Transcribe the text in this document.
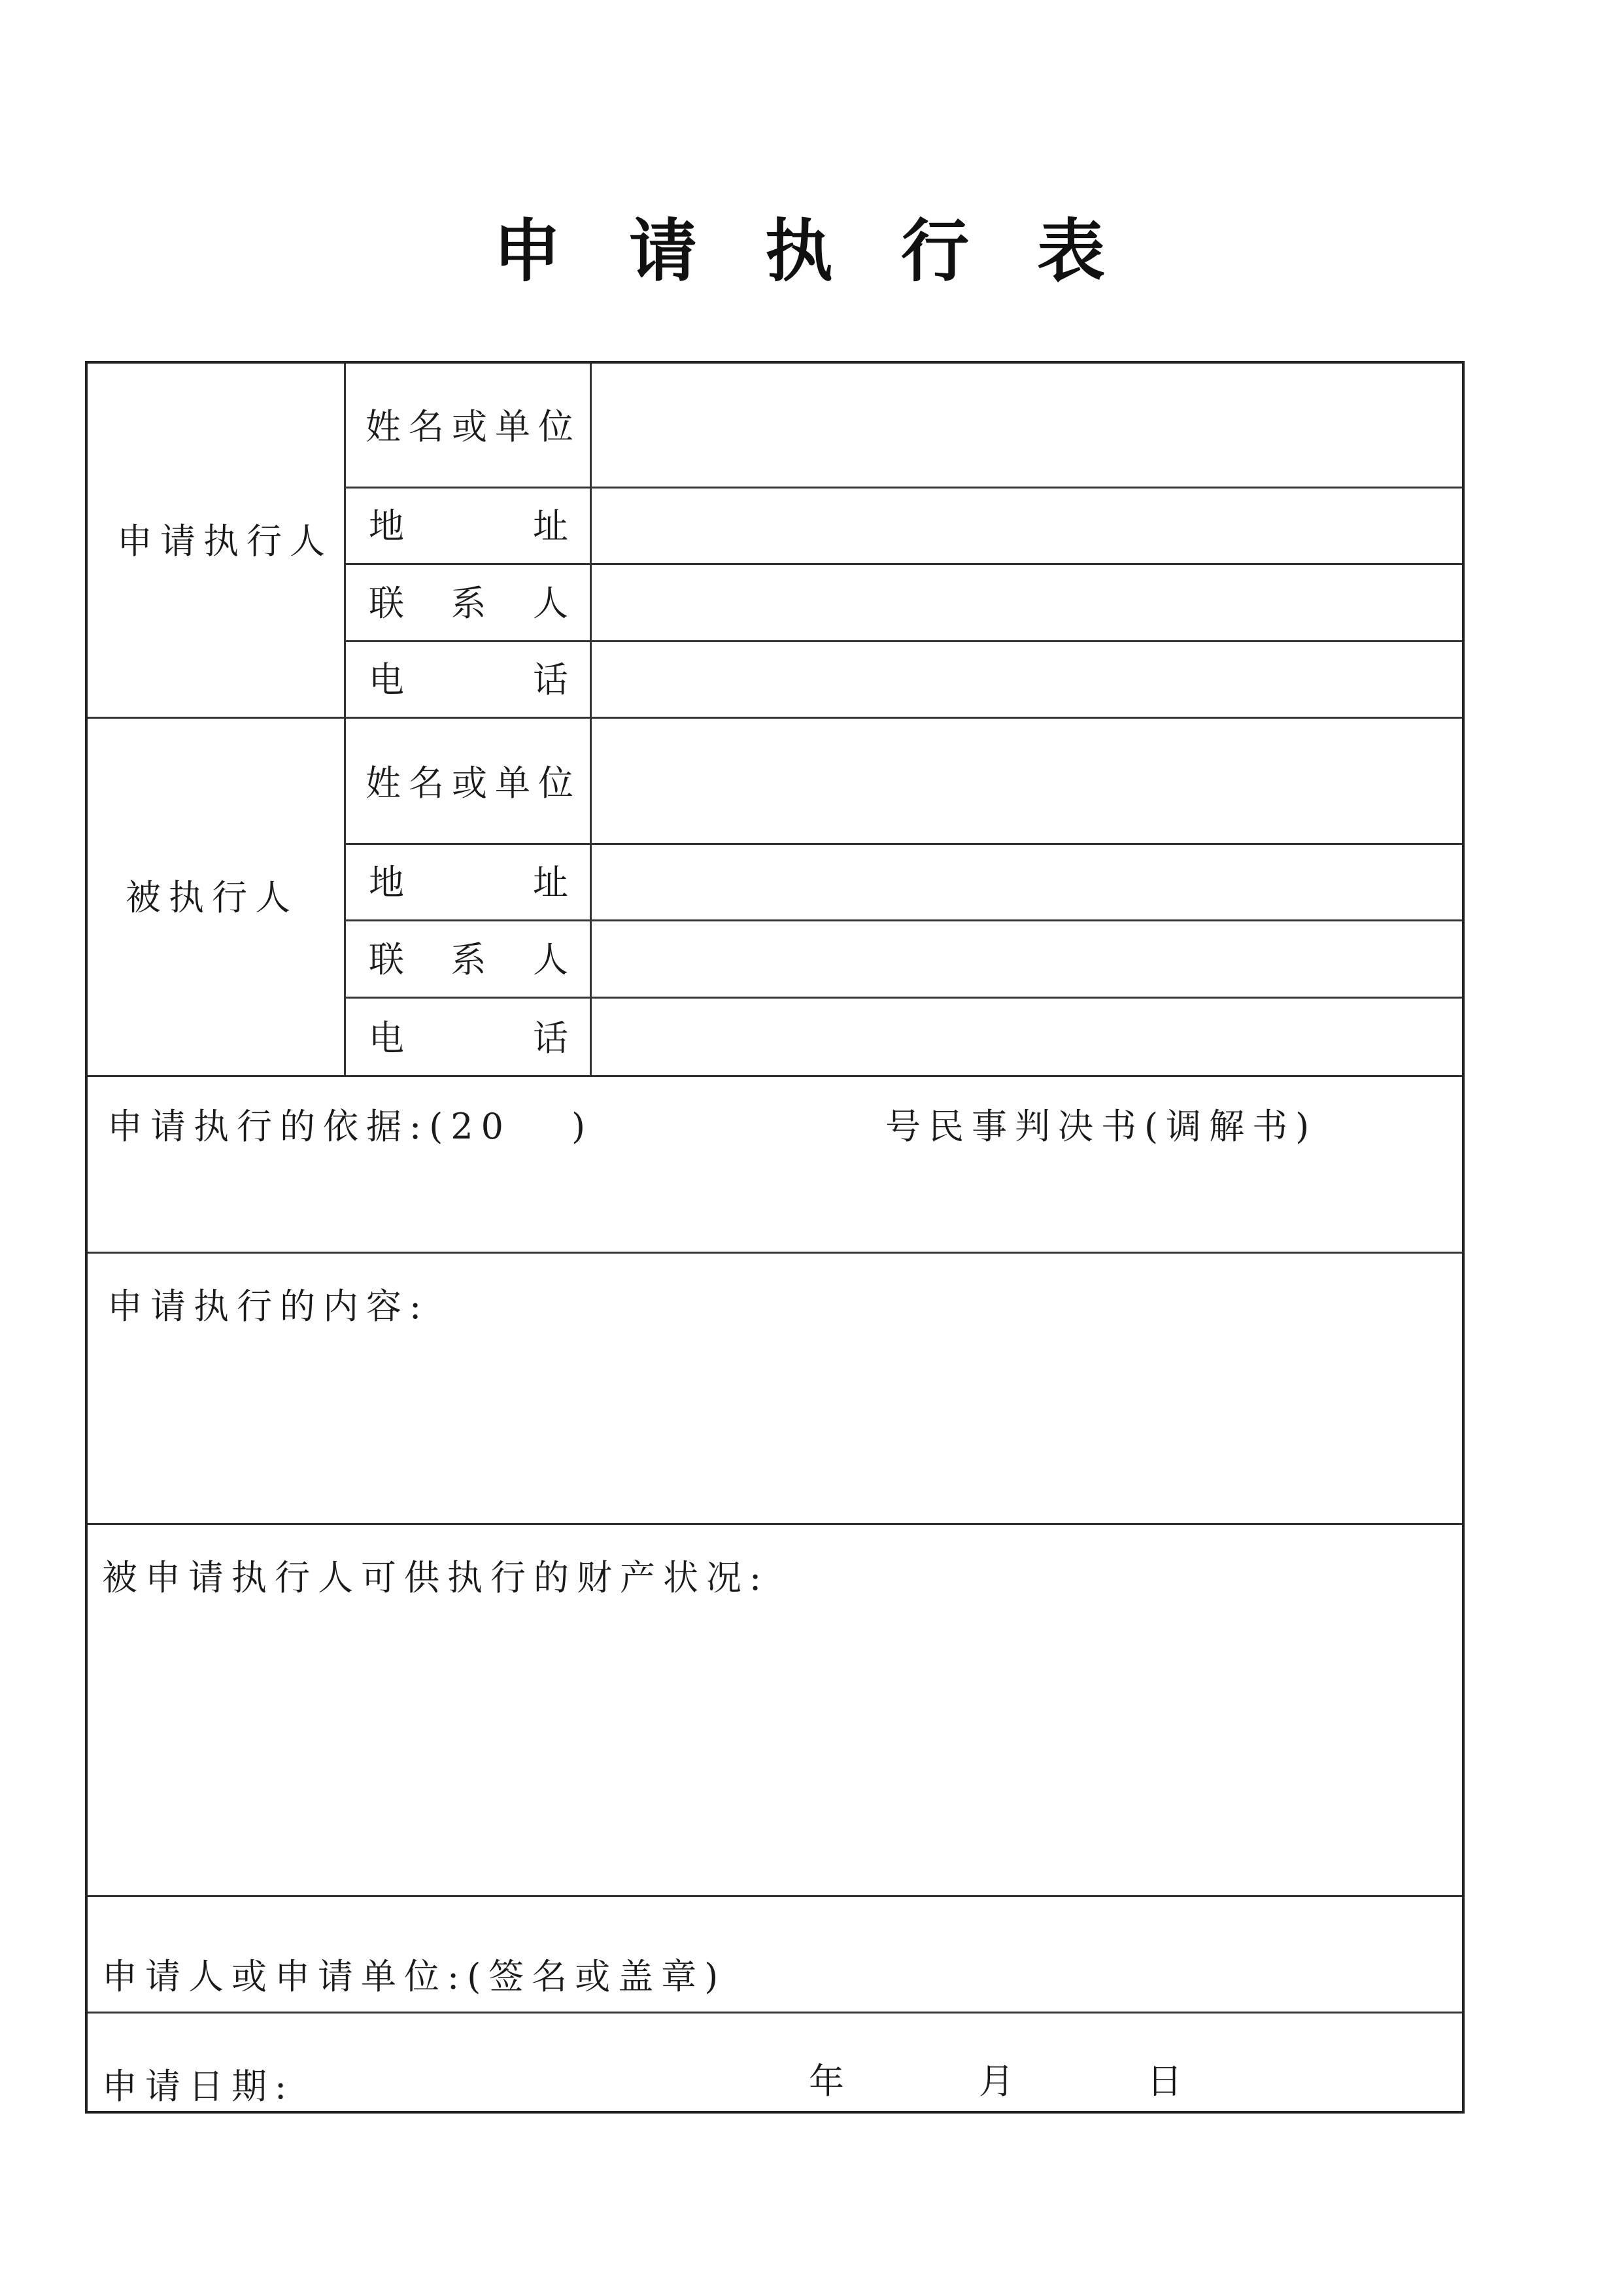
申 请 执 行 表
申请执行人
姓名或单位
地	址
联 系 人
电	话
被执行人
姓名或单位
地	址
联 系 人
电	话
申请执行的依据:(20 )	号民事判决书(调解书)
申请执行的内容:
被申请执行人可供执行的财产状况:
申请人或申请单位:(签名或盖章)
申请日期:	年	月	日
